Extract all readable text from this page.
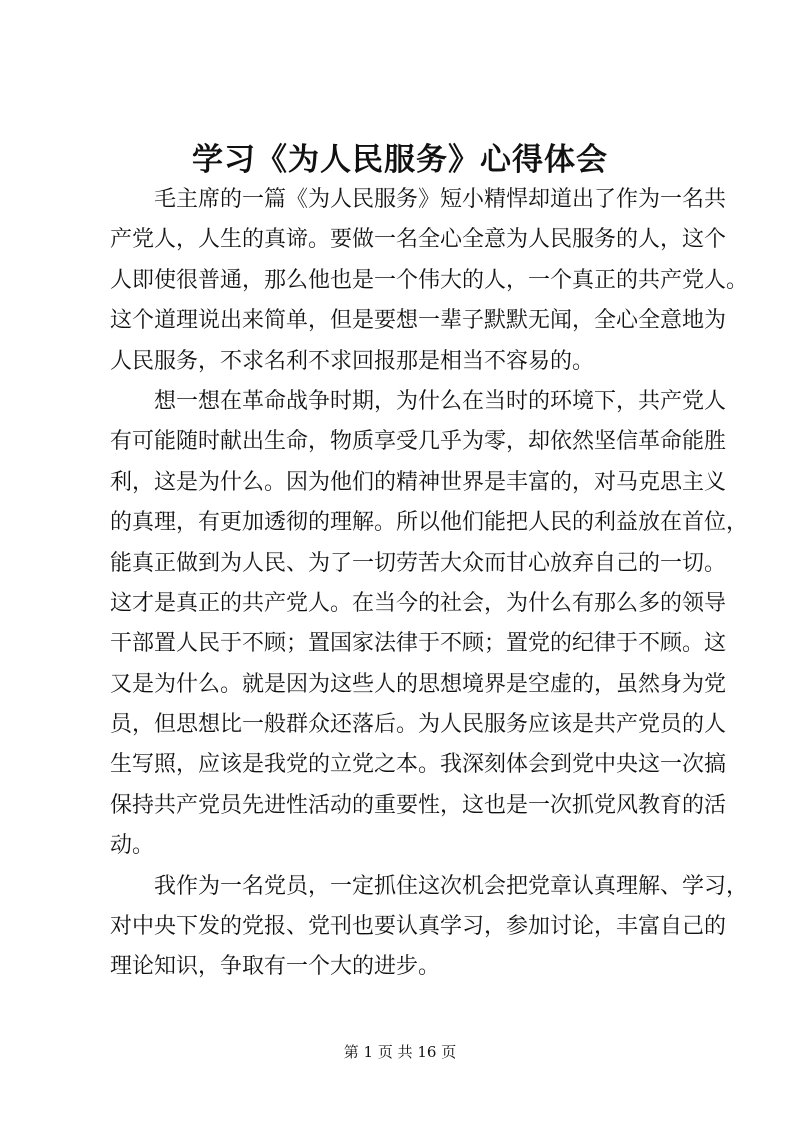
学习《为人民服务》心得体会
毛主席的一篇《为人民服务》短小精悍却道出了作为一名共
产党人，人生的真谛。要做一名全心全意为人民服务的人，这个
人即使很普通，那么他也是一个伟大的人，一个真正的共产党人。
这个道理说出来简单，但是要想一辈子默默无闻，全心全意地为
人民服务，不求名利不求回报那是相当不容易的。
想一想在革命战争时期，为什么在当时的环境下，共产党人
有可能随时献出生命，物质享受几乎为零，却依然坚信革命能胜
利，这是为什么。因为他们的精神世界是丰富的，对马克思主义
的真理，有更加透彻的理解。所以他们能把人民的利益放在首位，
能真正做到为人民、为了一切劳苦大众而甘心放弃自己的一切。
这才是真正的共产党人。在当今的社会，为什么有那么多的领导
干部置人民于不顾；置国家法律于不顾；置党的纪律于不顾。这
又是为什么。就是因为这些人的思想境界是空虚的，虽然身为党
员，但思想比一般群众还落后。为人民服务应该是共产党员的人
生写照，应该是我党的立党之本。我深刻体会到党中央这一次搞
保持共产党员先进性活动的重要性，这也是一次抓党风教育的活
动。
我作为一名党员，一定抓住这次机会把党章认真理解、学习，
对中央下发的党报、党刊也要认真学习，参加讨论，丰富自己的
理论知识，争取有一个大的进步。
第 1 页 共 16 页
